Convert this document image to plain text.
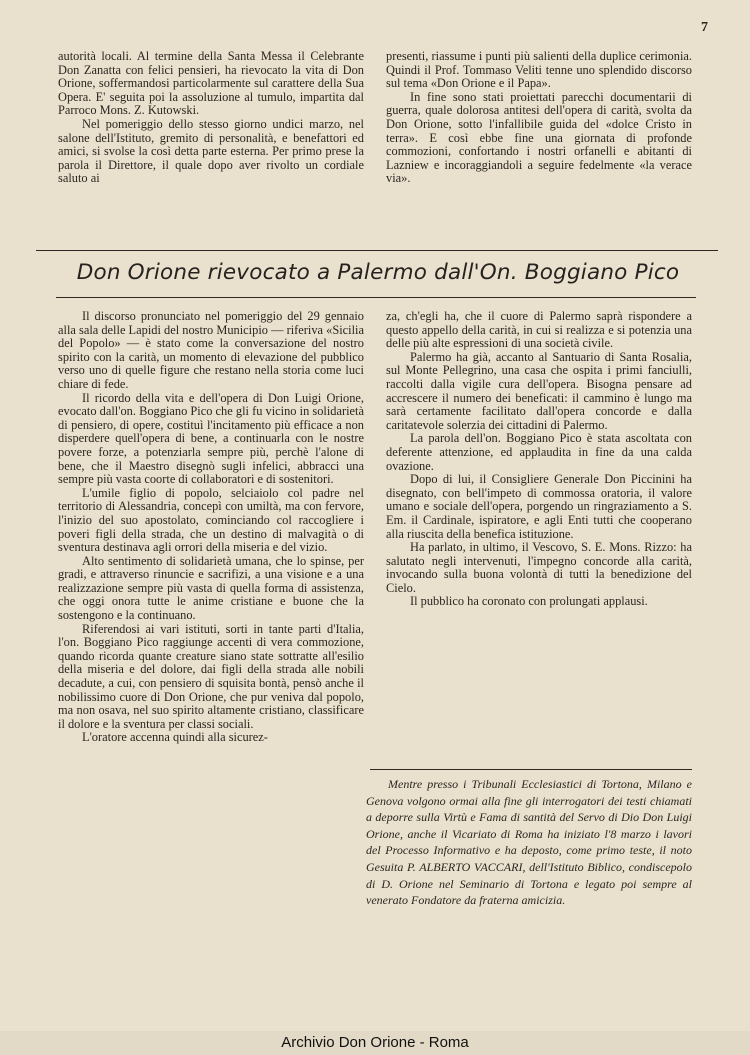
7

autorità locali. Al termine della Santa Messa il Celebrante Don Zanatta con felici pensieri, ha rievocato la vita di Don Orione, soffermandosi particolarmente sul carattere della Sua Opera. E' seguita poi la assoluzione al tumulo, impartita dal Parroco Mons. Z. Kutowski.

Nel pomeriggio dello stesso giorno undici marzo, nel salone dell'Istituto, gremito di personalità, e benefattori ed amici, si svolse la così detta parte esterna. Per primo prese la parola il Direttore, il quale dopo aver rivolto un cordiale saluto ai

presenti, riassume i punti più salienti della duplice cerimonia. Quindi il Prof. Tommaso Veliti tenne uno splendido discorso sul tema «Don Orione e il Papa».

In fine sono stati proiettati parecchi documentarii di guerra, quale dolorosa antitesi dell'opera di carità, svolta da Don Orione, sotto l'infallibile guida del «dolce Cristo in terra». E così ebbe fine una giornata di profonde commozioni, confortando i nostri orfanelli e abitanti di Lazniew e incoraggiandoli a seguire fedelmente «la verace via».

Don Orione rievocato a Palermo dall'On. Boggiano Pico

Il discorso pronunciato nel pomeriggio del 29 gennaio alla sala delle Lapidi del nostro Municipio — riferiva «Sicilia del Popolo» — è stato come la conversazione del nostro spirito con la carità, un momento di elevazione del pubblico verso uno di quelle figure che restano nella storia come luci chiare di fede.

Il ricordo della vita e dell'opera di Don Luigi Orione, evocato dall'on. Boggiano Pico che gli fu vicino in solidarietà di pensiero, di opere, costituì l'incitamento più efficace a non disperdere quell'opera di bene, a continuarla con le nostre povere forze, a potenziarla sempre più, perchè l'alone di bene, che il Maestro disegnò sugli infelici, abbracci una sempre più vasta coorte di collaboratori e di sostenitori.

L'umile figlio di popolo, selciaiolo col padre nel territorio di Alessandria, concepì con umiltà, ma con fervore, l'inizio del suo apostolato, cominciando col raccogliere i poveri figli della strada, che un destino di malvagità o di sventura destinava agli orrori della miseria e del vizio.

Alto sentimento di solidarietà umana, che lo spinse, per gradi, e attraverso rinuncie e sacrifizi, a una visione e a una realizzazione sempre più vasta di quella forma di assistenza, che oggi onora tutte le anime cristiane e buone che la sostengono e la continuano.

Riferendosi ai vari istituti, sorti in tante parti d'Italia, l'on. Boggiano Pico raggiunge accenti di vera commozione, quando ricorda quante creature siano state sottratte all'esilio della miseria e del dolore, dai figli della strada alle nobili decadute, a cui, con pensiero di squisita bontà, pensò anche il nobilissimo cuore di Don Orione, che pur veniva dal popolo, ma non osava, nel suo spirito altamente cristiano, classificare il dolore e la sventura per classi sociali.

L'oratore accenna quindi alla sicurez-

za, ch'egli ha, che il cuore di Palermo saprà rispondere a questo appello della carità, in cui si realizza e si potenzia una delle più alte espressioni di una società civile.

Palermo ha già, accanto al Santuario di Santa Rosalia, sul Monte Pellegrino, una casa che ospita i primi fanciulli, raccolti dalla vigile cura dell'opera. Bisogna pensare ad accrescere il numero dei beneficati: il cammino è lungo ma sarà certamente facilitato dall'opera concorde e dalla caritatevole solerzia dei cittadini di Palermo.

La parola dell'on. Boggiano Pico è stata ascoltata con deferente attenzione, ed applaudita in fine da una calda ovazione.

Dopo di lui, il Consigliere Generale Don Piccinini ha disegnato, con bell'impeto di commossa oratoria, il valore umano e sociale dell'opera, porgendo un ringraziamento a S. Em. il Cardinale, ispiratore, e agli Enti tutti che cooperano alla riuscita della benefica istituzione.

Ha parlato, in ultimo, il Vescovo, S. E. Mons. Rizzo: ha salutato negli intervenuti, l'impegno concorde alla carità, invocando sulla buona volontà di tutti la benedizione del Cielo.

Il pubblico ha coronato con prolungati applausi.

Mentre presso i Tribunali Ecclesiastici di Tortona, Milano e Genova volgono ormai alla fine gli interrogatori dei testi chiamati a deporre sulla Virtù e Fama di santità del Servo di Dio Don Luigi Orione, anche il Vicariato di Roma ha iniziato l'8 marzo i lavori del Processo Informativo e ha deposto, come primo teste, il noto Gesuita P. ALBERTO VACCARI, dell'Istituto Biblico, condiscepolo di D. Orione nel Seminario di Tortona e legato poi sempre al venerato Fondatore da fraterna amicizia.
Archivio Don Orione - Roma
